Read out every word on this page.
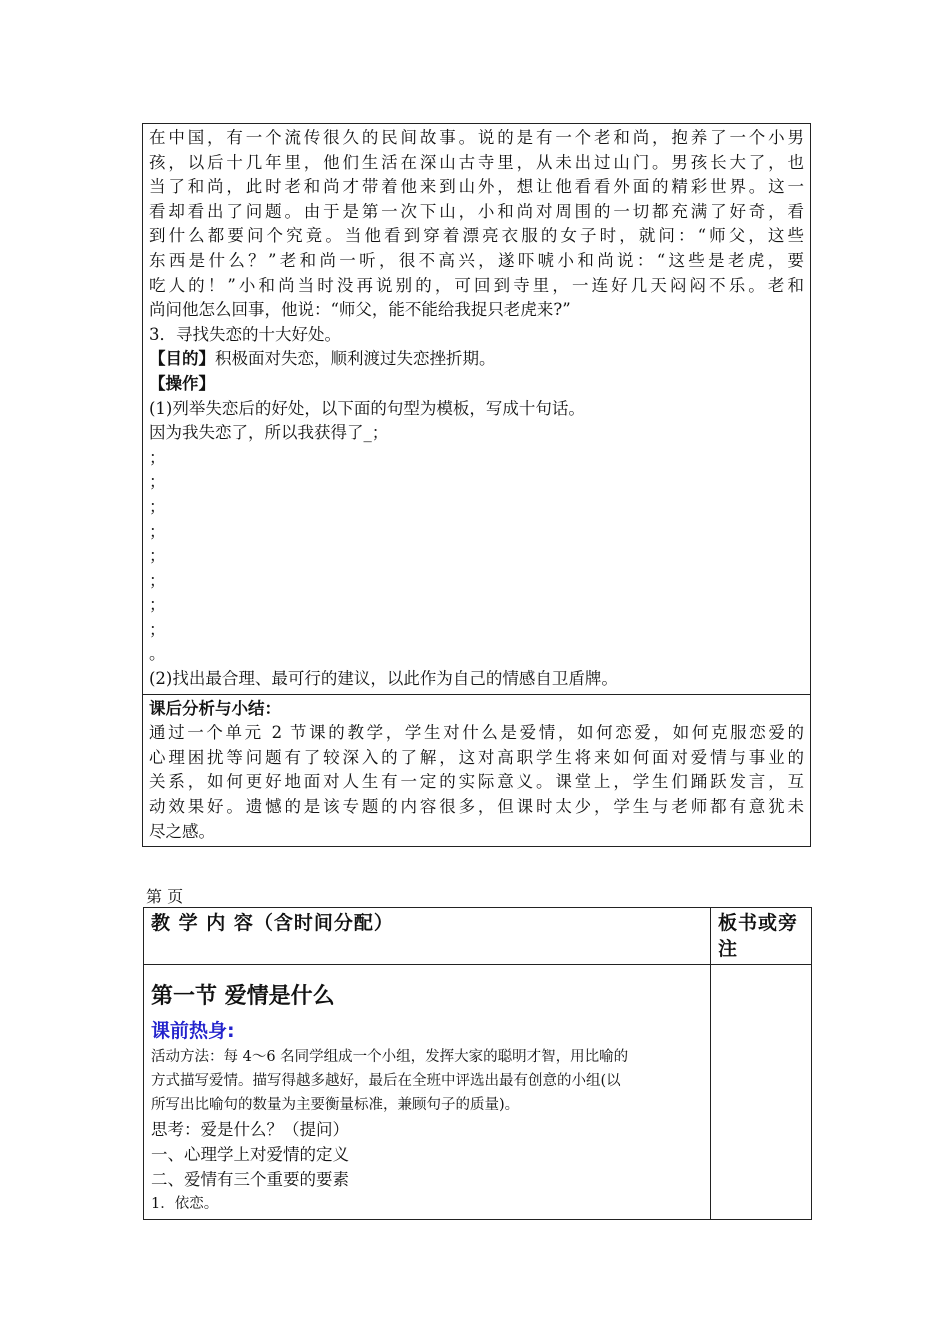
在中国，有一个流传很久的民间故事。说的是有一个老和尚，抱养了一个小男
孩，以后十几年里，他们生活在深山古寺里，从未出过山门。男孩长大了，也
当了和尚，此时老和尚才带着他来到山外，想让他看看外面的精彩世界。这一
看却看出了问题。由于是第一次下山，小和尚对周围的一切都充满了好奇，看
到什么都要问个究竟。当他看到穿着漂亮衣服的女子时，就问：“师父，这些
东西是什么？”老和尚一听，很不高兴，遂吓唬小和尚说：“这些是老虎，要
吃人的！”小和尚当时没再说别的，可回到寺里，一连好几天闷闷不乐。老和
尚问他怎么回事，他说：“师父，能不能给我捉只老虎来?”
3．寻找失恋的十大好处。
【目的】积极面对失恋，顺利渡过失恋挫折期。
【操作】
(1)列举失恋后的好处，以下面的句型为模板，写成十句话。
因为我失恋了，所以我获得了_；
；
；
；
；
；
；
；
；
。
(2)找出最合理、最可行的建议，以此作为自己的情感自卫盾牌。
课后分析与小结：
通过一个单元 2 节课的教学，学生对什么是爱情，如何恋爱，如何克服恋爱的
心理困扰等问题有了较深入的了解，这对高职学生将来如何面对爱情与事业的
关系，如何更好地面对人生有一定的实际意义。课堂上，学生们踊跃发言，互
动效果好。遗憾的是该专题的内容很多，但课时太少，学生与老师都有意犹未
尽之感。
第 页
教 学 内 容（含时间分配）	板书或旁注
第一节 爱情是什么
课前热身:
活动方法：每 4～6 名同学组成一个小组，发挥大家的聪明才智，用比喻的
方式描写爱情。描写得越多越好，最后在全班中评选出最有创意的小组(以
所写出比喻句的数量为主要衡量标准，兼顾句子的质量)。
思考：爱是什么？（提问）
一、心理学上对爱情的定义
二、爱情有三个重要的要素
1．依恋。
